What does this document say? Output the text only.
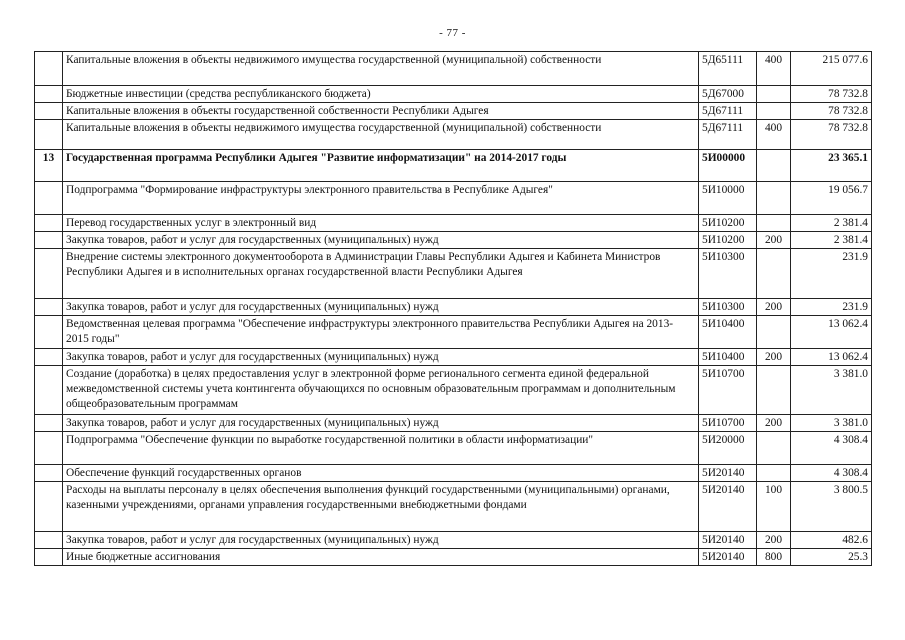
- 77 -
	Капитальные вложения в объекты недвижимого имущества государственной (муниципальной) собственности	5Д65111	400	215 077.6
	Бюджетные инвестиции (средства республиканского бюджета)	5Д67000		78 732.8
	Капитальные вложения в объекты государственной собственности Республики Адыгея	5Д67111		78 732.8
	Капитальные вложения в объекты недвижимого имущества государственной (муниципальной) собственности	5Д67111	400	78 732.8
13	Государственная программа Республики Адыгея "Развитие информатизации" на 2014-2017 годы	5И00000		23 365.1
	Подпрограмма "Формирование инфраструктуры электронного правительства в Республике Адыгея"	5И10000		19 056.7
	Перевод государственных услуг в электронный вид	5И10200		2 381.4
	Закупка товаров, работ и услуг для государственных (муниципальных) нужд	5И10200	200	2 381.4
	Внедрение системы электронного документооборота в Администрации Главы Республики Адыгея и Кабинета Министров Республики Адыгея и в исполнительных органах государственной власти Республики Адыгея	5И10300		231.9
	Закупка товаров, работ и услуг для государственных (муниципальных) нужд	5И10300	200	231.9
	Ведомственная целевая программа "Обеспечение инфраструктуры электронного правительства Республики Адыгея на 2013-2015 годы"	5И10400		13 062.4
	Закупка товаров, работ и услуг для государственных (муниципальных) нужд	5И10400	200	13 062.4
	Создание (доработка) в целях предоставления услуг в электронной форме регионального сегмента единой федеральной межведомственной системы учета контингента обучающихся по основным образовательным программам и дополнительным общеобразовательным программам	5И10700		3 381.0
	Закупка товаров, работ и услуг для государственных (муниципальных) нужд	5И10700	200	3 381.0
	Подпрограмма "Обеспечение функции по выработке государственной политики в области информатизации"	5И20000		4 308.4
	Обеспечение функций государственных органов	5И20140		4 308.4
	Расходы на выплаты персоналу в целях обеспечения выполнения функций государственными (муниципальными) органами, казенными учреждениями, органами управления государственными внебюджетными фондами	5И20140	100	3 800.5
	Закупка товаров, работ и услуг для государственных (муниципальных) нужд	5И20140	200	482.6
	Иные бюджетные ассигнования	5И20140	800	25.3
